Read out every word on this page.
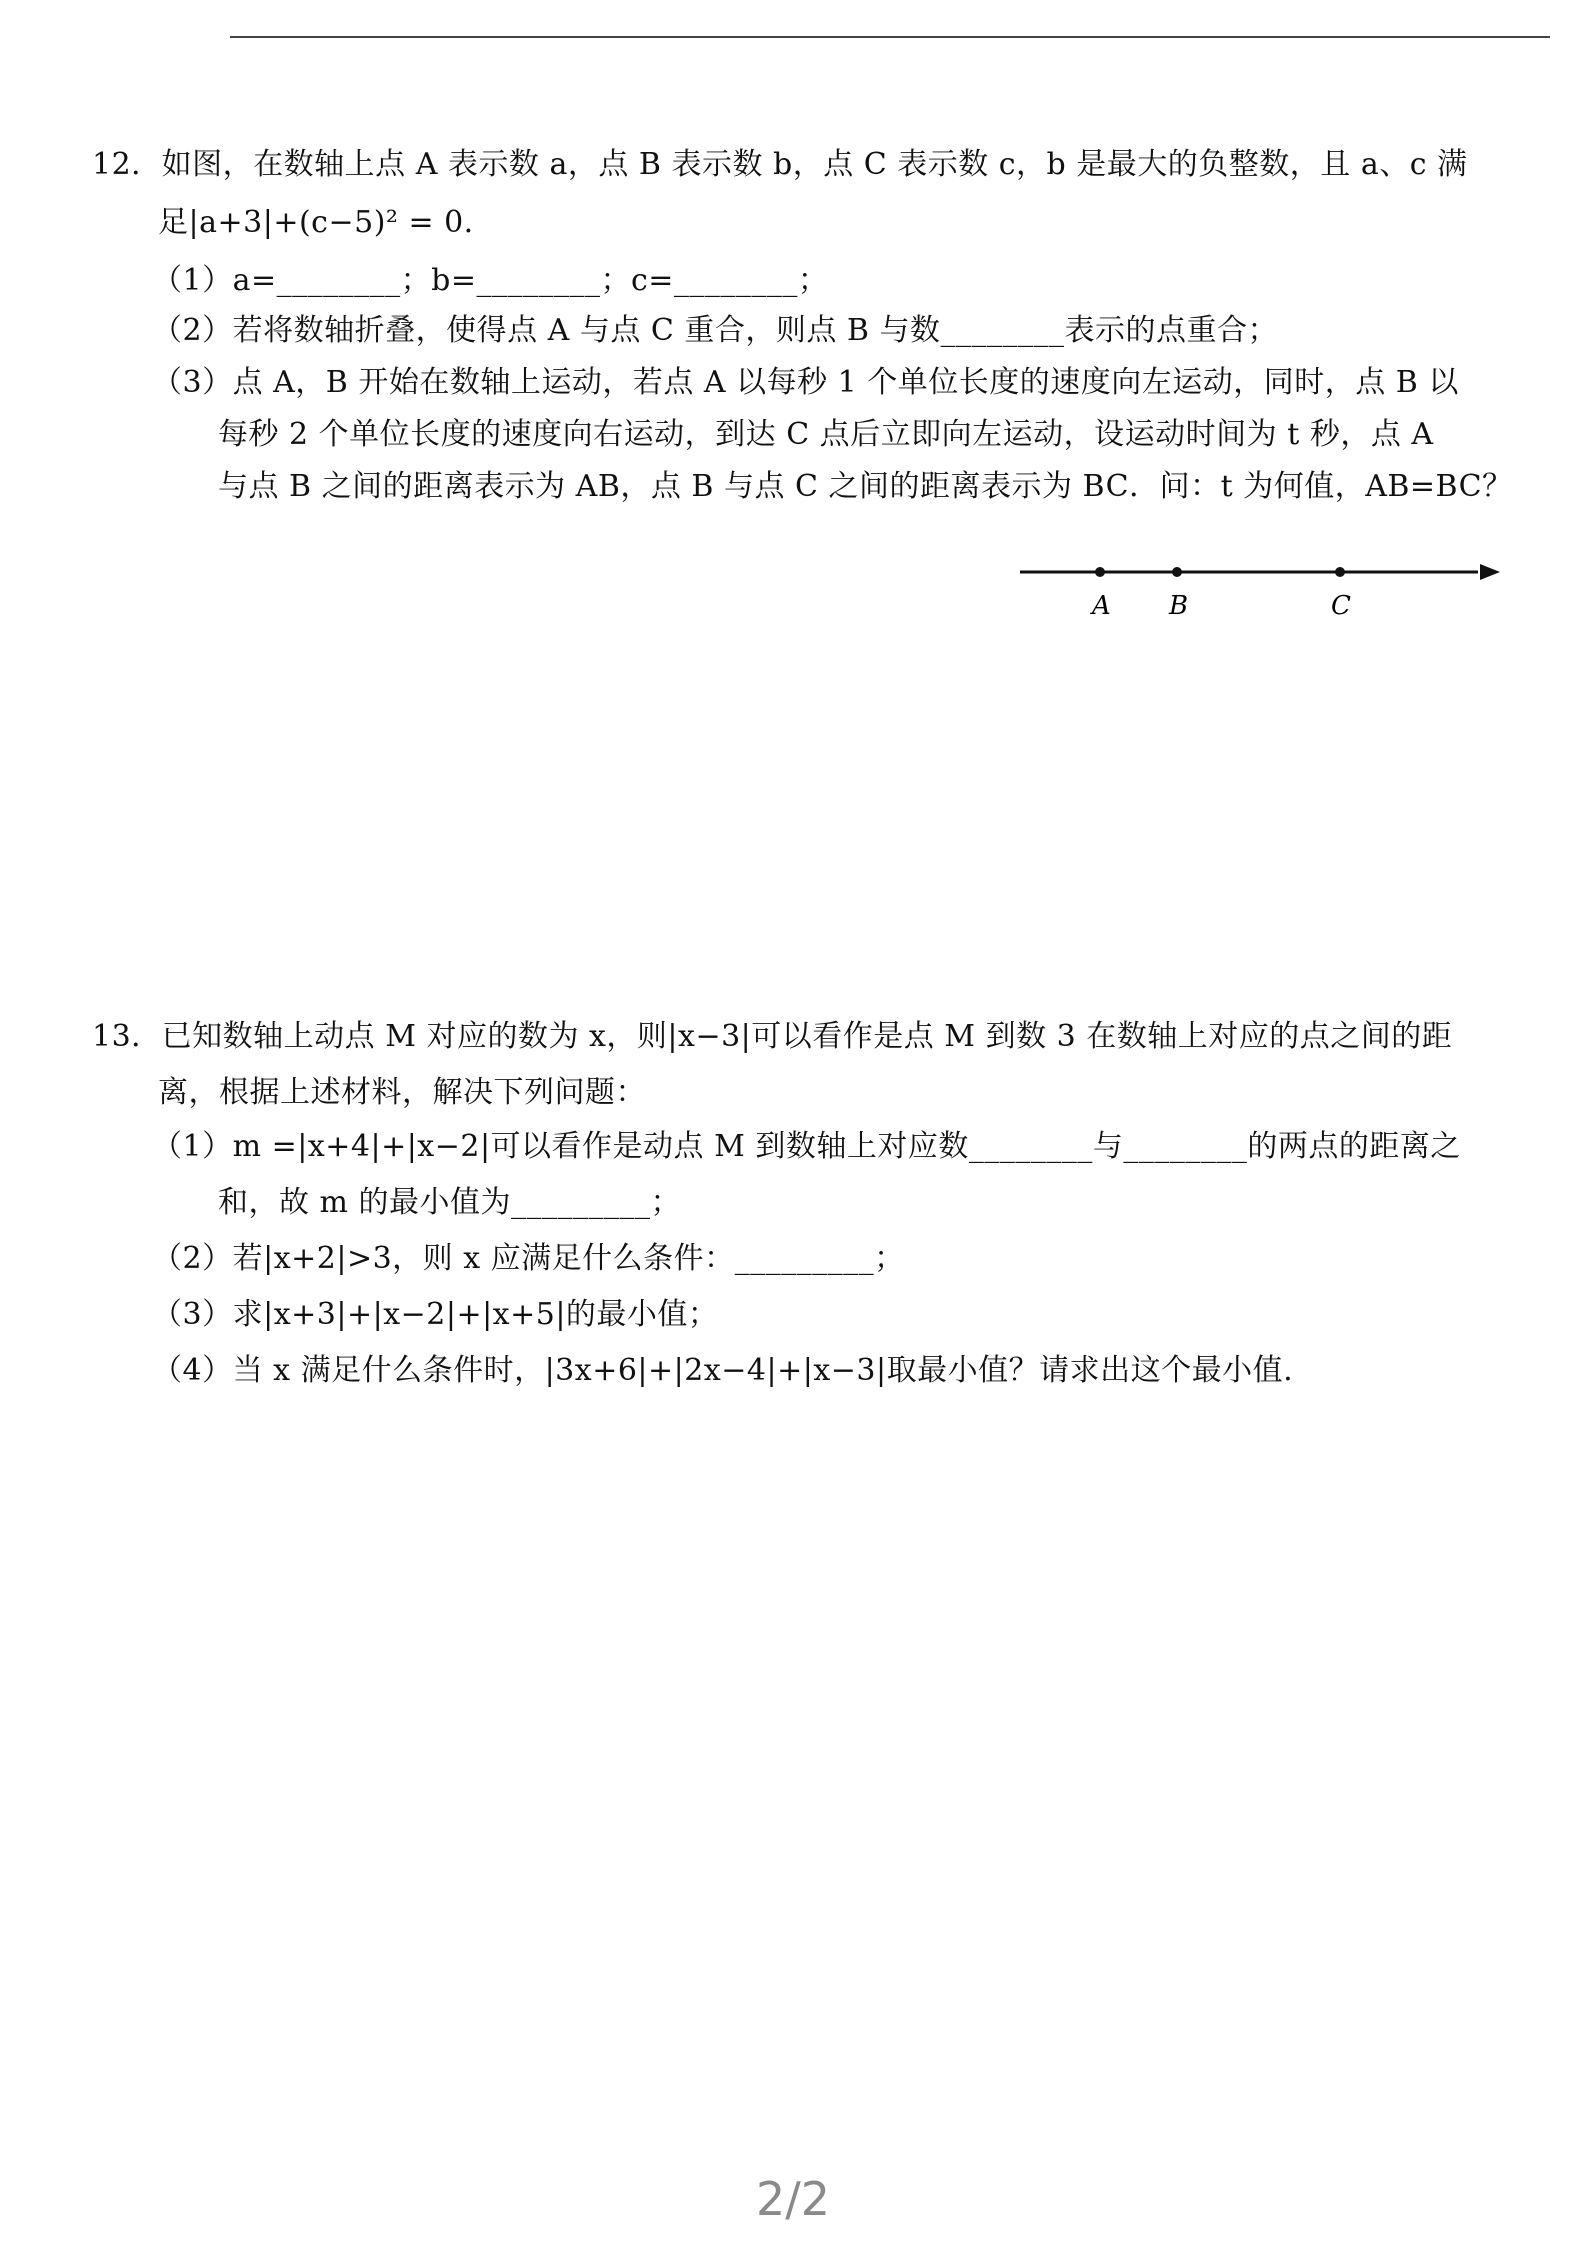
12．如图，在数轴上点 A 表示数 a，点 B 表示数 b，点 C 表示数 c，b 是最大的负整数，且 a、c 满
足|a+3|+(c−5)² = 0．
（1）a=________；b=________；c=________；
（2）若将数轴折叠，使得点 A 与点 C 重合，则点 B 与数________表示的点重合；
（3）点 A，B 开始在数轴上运动，若点 A 以每秒 1 个单位长度的速度向左运动，同时，点 B 以
每秒 2 个单位长度的速度向右运动，到达 C 点后立即向左运动，设运动时间为 t 秒，点 A
与点 B 之间的距离表示为 AB，点 B 与点 C 之间的距离表示为 BC．问：t 为何值，AB=BC？
A B	C
13．已知数轴上动点 M 对应的数为 x，则|x−3|可以看作是点 M 到数 3 在数轴上对应的点之间的距
离，根据上述材料，解决下列问题：
（1）m =|x+4|+|x−2|可以看作是动点 M 到数轴上对应数________与________的两点的距离之
和，故 m 的最小值为_________；
（2）若|x+2|>3，则 x 应满足什么条件：_________；
（3）求|x+3|+|x−2|+|x+5|的最小值；
（4）当 x 满足什么条件时，|3x+6|+|2x−4|+|x−3|取最小值？请求出这个最小值.
2/2
